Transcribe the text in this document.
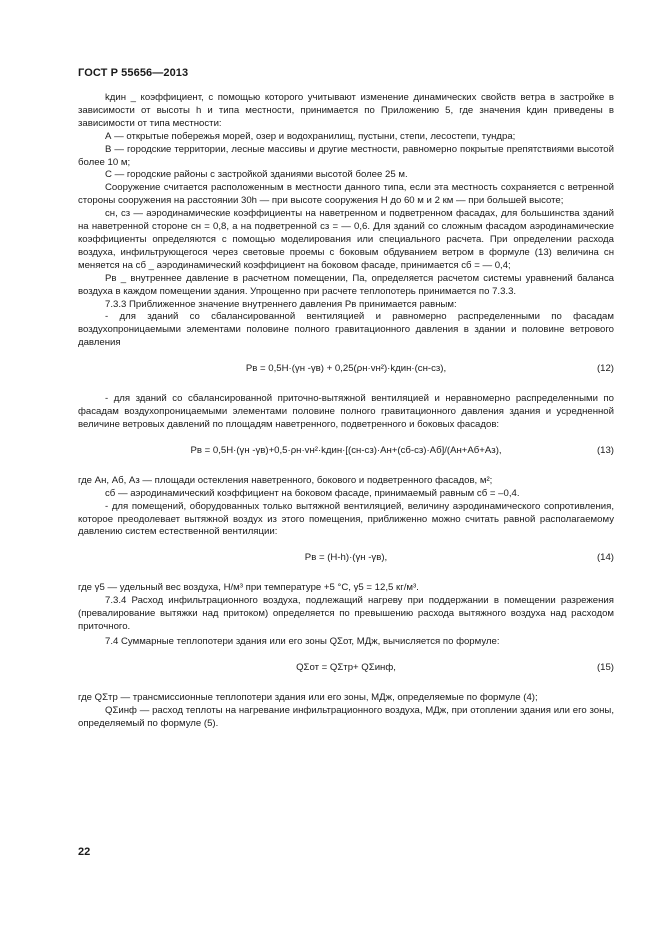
ГОСТ Р 55656—2013

kдин _ коэффициент, с помощью которого учитывают изменение динамических свойств ветра в застройке в зависимости от высоты h и типа местности, принимается по Приложению 5, где значения kдин приведены в зависимости от типа местности:

А — открытые побережья морей, озер и водохранилищ, пустыни, степи, лесостепи, тундра;

В — городские территории, лесные массивы и другие местности, равномерно покрытые препятствиями высотой более 10 м;

С — городские районы с застройкой зданиями высотой более 25 м.

Сооружение считается расположенным в местности данного типа, если эта местность сохраняется с ветренной стороны сооружения на расстоянии 30h — при высоте сооружения H до 60 м и 2 км — при большей высоте;

cн, cз — аэродинамические коэффициенты на наветренном и подветренном фасадах, для большинства зданий на наветренной стороне cн = 0,8, а на подветренной cз = — 0,6. Для зданий со сложным фасадом аэродинамические коэффициенты определяются с помощью моделирования или специального расчета. При определении расхода воздуха, инфильтрующегося через световые проемы с боковым обдуванием ветром в формуле (13) величина cн меняется на cб _ аэродинамический коэффициент на боковом фасаде, принимается cб = — 0,4;

Pв _ внутреннее давление в расчетном помещении, Па, определяется расчетом системы уравнений баланса воздуха в каждом помещении здания. Упрощенно при расчете теплопотерь принимается по 7.3.3.

7.3.3 Приближенное значение внутреннего давления Pв принимается равным:

- для зданий со сбалансированной вентиляцией и равномерно распределенными по фасадам воздухопроницаемыми элементами половине полного гравитационного давления в здании и половине ветрового давления

Pв = 0,5H·(γн -γв) + 0,25(ρн·vн²)·kдин·(cн-cз),	(12)

- для зданий со сбалансированной приточно-вытяжной вентиляцией и неравномерно распределенными по фасадам воздухопроницаемыми элементами половине полного гравитационного давления здания и усредненной величине ветровых давлений по площадям наветренного, подветренного и боковых фасадов:

Pв = 0,5H·(γн -γв)+0,5·ρн·vн²·kдин·[(cн-cз)·Aн+(cб-cз)·Aб]/(Aн+Aб+Aз),	(13)

где Aн, Aб, Aз — площади остекления наветренного, бокового и подветренного фасадов, м²;

cб — аэродинамический коэффициент на боковом фасаде, принимаемый равным cб = –0,4.

- для помещений, оборудованных только вытяжной вентиляцией, величину аэродинамического сопротивления, которое преодолевает вытяжной воздух из этого помещения, приближенно можно считать равной располагаемому давлению систем естественной вентиляции:

Pв = (H-h)·(γн -γв),	(14)

где γ5 — удельный вес воздуха, Н/м³ при температуре +5 °С, γ5 = 12,5 кг/м³.

7.3.4 Расход инфильтрационного воздуха, подлежащий нагреву при поддержании в помещении разрежения (превалирование вытяжки над притоком) определяется по превышению расхода вытяжного воздуха над расходом приточного.

7.4 Суммарные теплопотери здания или его зоны QΣот, МДж, вычисляется по формуле:

QΣот = QΣтр+ QΣинф,	(15)

где QΣтр — трансмиссионные теплопотери здания или его зоны, МДж, определяемые по формуле (4);

QΣинф — расход теплоты на нагревание инфильтрационного воздуха, МДж, при отоплении здания или его зоны, определяемый по формуле (5).

22
